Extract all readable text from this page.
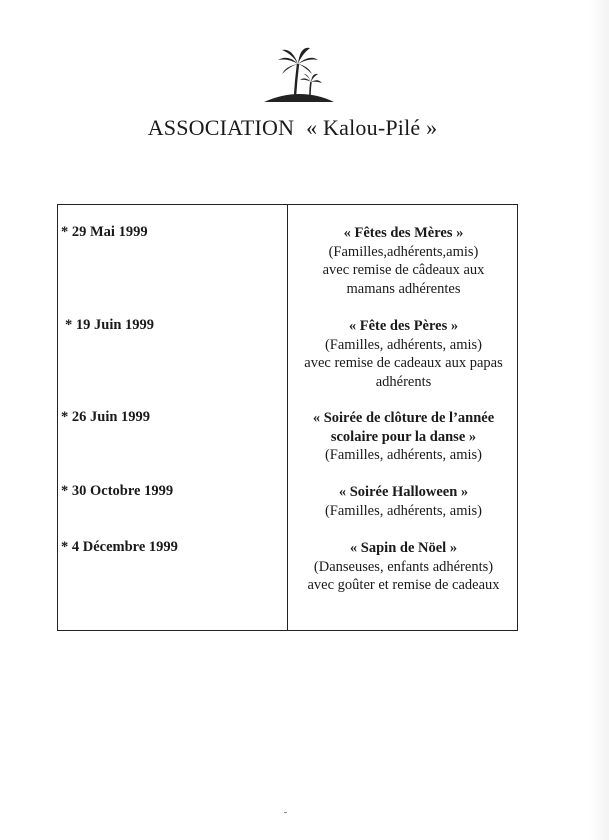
ASSOCIATION « Kalou-Pilé »
* 29 Mai 1999	« Fêtes des Mères »
(Familles,adhérents,amis)
avec remise de câdeaux aux
mamans adhérentes
* 19 Juin 1999	« Fête des Pères »
(Familles, adhérents, amis)
avec remise de cadeaux aux papas
adhérents
* 26 Juin 1999	« Soirée de clôture de l’année
scolaire pour la danse »
(Familles, adhérents, amis)
* 30 Octobre 1999	« Soirée Halloween »
(Familles, adhérents, amis)
* 4 Décembre 1999	« Sapin de Nöel »
(Danseuses, enfants adhérents)
avec goûter et remise de cadeaux
